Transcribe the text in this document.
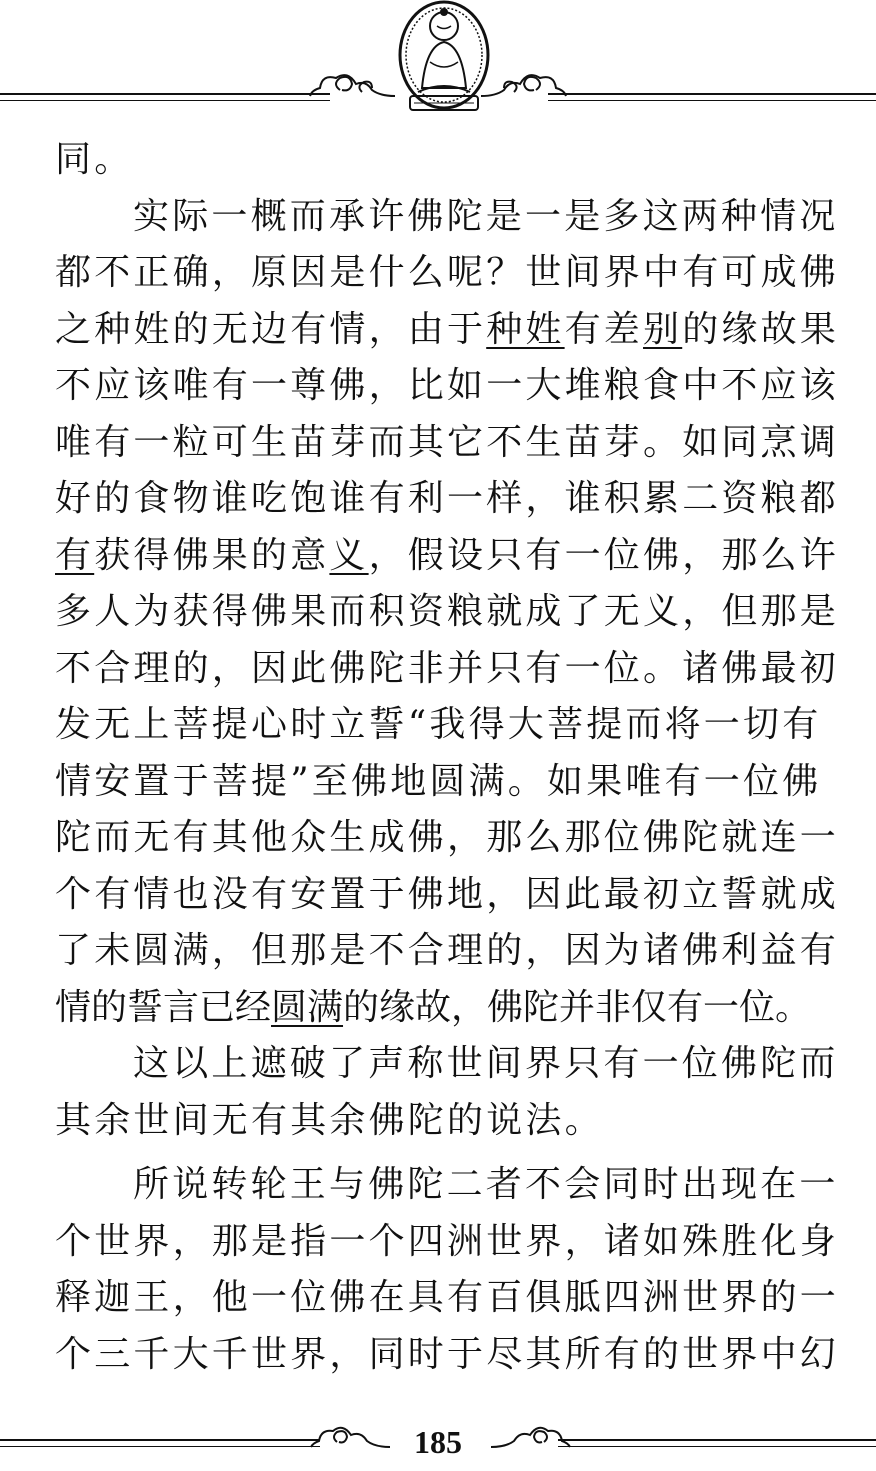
同。
实际一概而承许佛陀是一是多这两种情况
都不正确，原因是什么呢？世间界中有可成佛
之种姓的无边有情，由于种姓有差别的缘故果
不应该唯有一尊佛，比如一大堆粮食中不应该
唯有一粒可生苗芽而其它不生苗芽。如同烹调
好的食物谁吃饱谁有利一样，谁积累二资粮都
有获得佛果的意义，假设只有一位佛，那么许
多人为获得佛果而积资粮就成了无义，但那是
不合理的，因此佛陀非并只有一位。诸佛最初
发无上菩提心时立誓“我得大菩提而将一切有
情安置于菩提”至佛地圆满。如果唯有一位佛
陀而无有其他众生成佛，那么那位佛陀就连一
个有情也没有安置于佛地，因此最初立誓就成
了未圆满，但那是不合理的，因为诸佛利益有
情的誓言已经圆满的缘故，佛陀并非仅有一位。
这以上遮破了声称世间界只有一位佛陀而
其余世间无有其余佛陀的说法。
所说转轮王与佛陀二者不会同时出现在一
个世界，那是指一个四洲世界，诸如殊胜化身
释迦王，他一位佛在具有百俱胝四洲世界的一
个三千大千世界，同时于尽其所有的世界中幻
185
